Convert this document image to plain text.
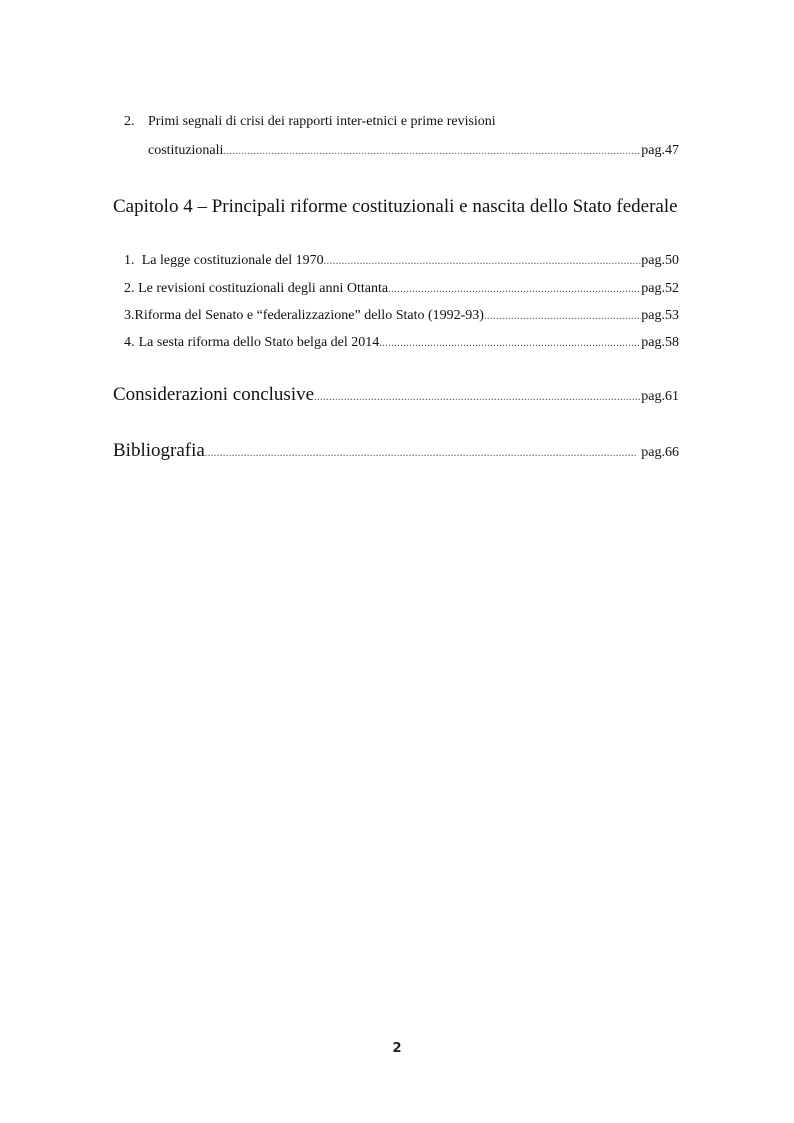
2. Primi segnali di crisi dei rapporti inter-etnici e prime revisioni
costituzionali . . .	pag.47
Capitolo 4 – Principali riforme costituzionali e nascita dello Stato federale
1. La legge costituzionale del 1970 . . .	pag.50
2. Le revisioni costituzionali degli anni Ottanta . . .	pag.52
3. Riforma del Senato e “federalizzazione” dello Stato (1992-93) . . .	pag.53
4. La sesta riforma dello Stato belga del 2014 . . .	pag.58
Considerazioni conclusive . . .	pag.61
Bibliografia . . .	pag.66
2
